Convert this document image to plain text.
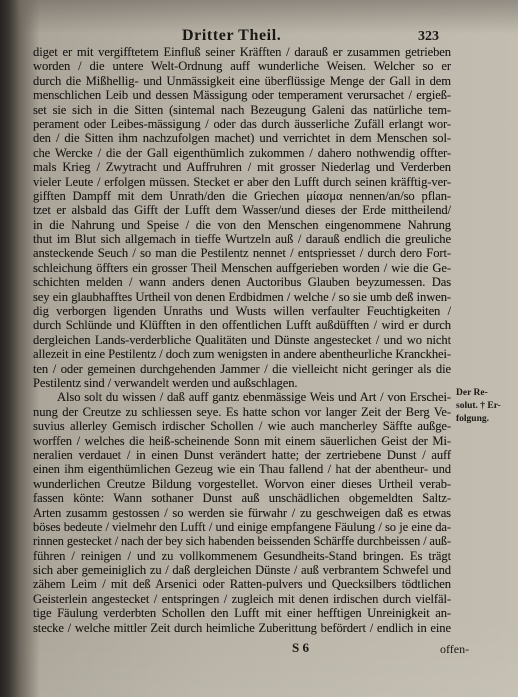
Dritter Theil.	323
diget er mit vergifftetem Einfluß seiner Kräfften / darauß er zusammen getrieben
worden / die untere Welt-Ordnung auff wunderliche Weisen. Welcher so er
durch die Mißhellig- und Unmässigkeit eine überflüssige Menge der Gall in dem
menschlichen Leib und dessen Mässigung oder temperament verursachet / ergieß-
set sie sich in die Sitten (sintemal nach Bezeugung Galeni das natürliche tem-
perament oder Leibes-mässigung / oder das durch äusserliche Zufäll erlangt wor-
den / die Sitten ihm nachzufolgen machet) und verrichtet in dem Menschen sol-
che Wercke / die der Gall eigenthümlich zukommen / dahero nothwendig offter-
mals Krieg / Zwytracht und Auffruhren / mit grosser Niederlag und Verderben
vieler Leute / erfolgen müssen. Stecket er aber den Lufft durch seinen kräfftig-ver-
gifften Dampff mit dem Unrath/den die Griechen μίασμα nennen/an/so pflan-
tzet er alsbald das Gifft der Lufft dem Wasser/und dieses der Erde mittheilend/
in die Nahrung und Speise / die von den Menschen eingenommene Nahrung
thut im Blut sich allgemach in tieffe Wurtzeln auß / darauß endlich die greuliche
ansteckende Seuch / so man die Pestilentz nennet / entspriesset / durch dero Fort-
schleichung öffters ein grosser Theil Menschen auffgerieben worden / wie die Ge-
schichten melden / wann anders denen Auctoribus Glauben beyzumessen. Das
sey ein glaubhafftes Urtheil von denen Erdbidmen / welche / so sie umb deß inwen-
dig verborgen ligenden Unraths und Wusts willen verfaulter Feuchtigkeiten /
durch Schlünde und Klüfften in den offentlichen Lufft außdüfften / wird er durch
dergleichen Lands-verderbliche Qualitäten und Dünste angestecket / und wo nicht
allezeit in eine Pestilentz / doch zum wenigsten in andere abentheurliche Kranckhei-
ten / oder gemeinen durchgehenden Jammer / die vielleicht nicht geringer als die
Pestilentz sind / verwandelt werden und außschlagen.
Also solt du wissen / daß auff gantz ebenmässige Weis und Art / von Erschei-
nung der Creutze zu schliessen seye. Es hatte schon vor langer Zeit der Berg Ve-
suvius allerley Gemisch irdischer Schollen / wie auch mancherley Säffte außge-
worffen / welches die heiß-scheinende Sonn mit einem säuerlichen Geist der Mi-
neralien verdauet / in einen Dunst verändert hatte; der zertriebene Dunst / auff
einen ihm eigenthümlichen Gezeug wie ein Thau fallend / hat der abentheur- und
wunderlichen Creutze Bildung vorgestellet. Worvon einer dieses Urtheil verab-
fassen könte: Wann sothaner Dunst auß unschädlichen obgemeldten Saltz-
Arten zusamm gestossen / so werden sie fürwahr / zu geschweigen daß es etwas
böses bedeute / vielmehr den Lufft / und einige empfangene Fäulung / so je eine da-
rinnen gestecket / nach der bey sich habenden beissenden Schärffe durchbeissen / auß-
führen / reinigen / und zu vollkommenem Gesundheits-Stand bringen. Es trägt
sich aber gemeiniglich zu / daß dergleichen Dünste / auß verbrantem Schwefel und
zähem Leim / mit deß Arsenici oder Ratten-pulvers und Quecksilbers tödtlichen
Geisterlein angestecket / entspringen / zugleich mit denen irdischen durch vielfäl-
tige Fäulung verderbten Schollen den Lufft mit einer hefftigen Unreinigkeit an-
stecke / welche mittler Zeit durch heimliche Zuberittung befördert / endlich in eine
Der Re-
solut. † Er-
folgung.
S 6	offen-
